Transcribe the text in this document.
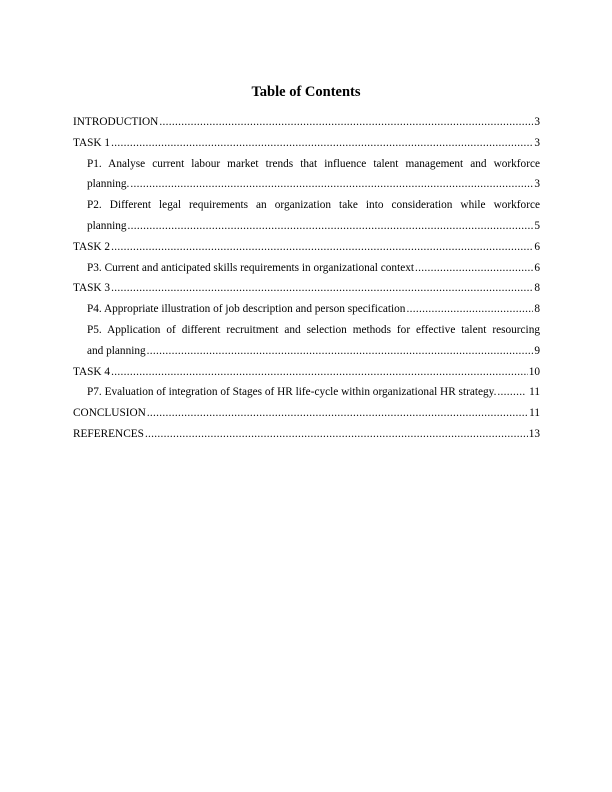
Table of Contents
INTRODUCTION .....	3
TASK 1 .....	3
P1. Analyse current labour market trends that influence talent management and workforce
planning. .....	3
P2. Different legal requirements an organization take into consideration while workforce
planning .....	5
TASK 2 .....	6
P3. Current and anticipated skills requirements in organizational context .....	6
TASK 3 .....	8
P4. Appropriate illustration of job description and person specification .....	8
P5. Application of different recruitment and selection methods for effective talent resourcing
and planning .....	9
TASK 4 .....	10
P7. Evaluation of integration of Stages of HR life-cycle within organizational HR strategy. .....	11
CONCLUSION .....	11
REFERENCES .....	13
